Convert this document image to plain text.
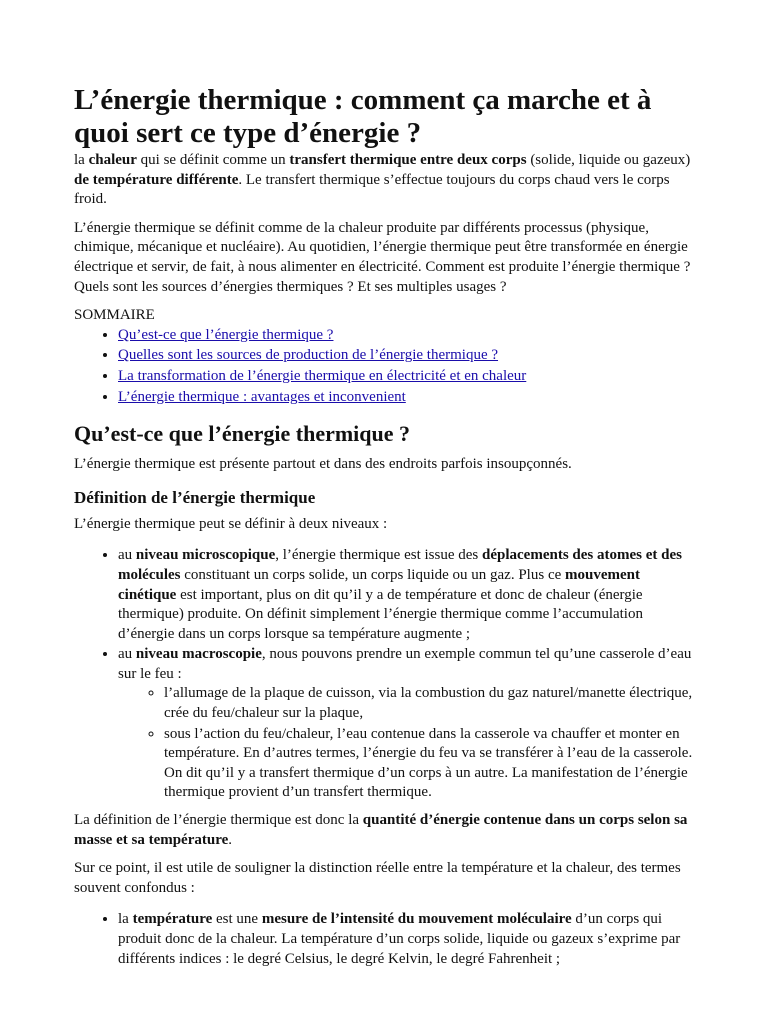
L’énergie thermique : comment ça marche et à quoi sert ce type d’énergie ?

la chaleur qui se définit comme un transfert thermique entre deux corps (solide, liquide ou gazeux) de température différente. Le transfert thermique s’effectue toujours du corps chaud vers le corps froid.

L’énergie thermique se définit comme de la chaleur produite par différents processus (physique, chimique, mécanique et nucléaire). Au quotidien, l’énergie thermique peut être transformée en énergie électrique et servir, de fait, à nous alimenter en électricité. Comment est produite l’énergie thermique ? Quels sont les sources d’énergies thermiques ? Et ses multiples usages ?

SOMMAIRE
• Qu’est-ce que l’énergie thermique ?
• Quelles sont les sources de production de l’énergie thermique ?
• La transformation de l’énergie thermique en électricité et en chaleur
• L’énergie thermique : avantages et inconvenient
Qu’est-ce que l’énergie thermique ?

L’énergie thermique est présente partout et dans des endroits parfois insoupçonnés.

Définition de l’énergie thermique

L’énergie thermique peut se définir à deux niveaux :

• au niveau microscopique, l’énergie thermique est issue des déplacements des atomes et des molécules constituant un corps solide, un corps liquide ou un gaz. Plus ce mouvement cinétique est important, plus on dit qu’il y a de température et donc de chaleur (énergie thermique) produite. On définit simplement l’énergie thermique comme l’accumulation d’énergie dans un corps lorsque sa température augmente ;
• au niveau macroscopie, nous pouvons prendre un exemple commun tel qu’une casserole d’eau sur le feu :
◦ l’allumage de la plaque de cuisson, via la combustion du gaz naturel/manette électrique, crée du feu/chaleur sur la plaque,
◦ sous l’action du feu/chaleur, l’eau contenue dans la casserole va chauffer et monter en température. En d’autres termes, l’énergie du feu va se transférer à l’eau de la casserole. On dit qu’il y a transfert thermique d’un corps à un autre. La manifestation de l’énergie thermique provient d’un transfert thermique.

La définition de l’énergie thermique est donc la quantité d’énergie contenue dans un corps selon sa masse et sa température.

Sur ce point, il est utile de souligner la distinction réelle entre la température et la chaleur, des termes souvent confondus :

• la température est une mesure de l’intensité du mouvement moléculaire d’un corps qui produit donc de la chaleur. La température d’un corps solide, liquide ou gazeux s’exprime par différents indices : le degré Celsius, le degré Kelvin, le degré Fahrenheit ;
